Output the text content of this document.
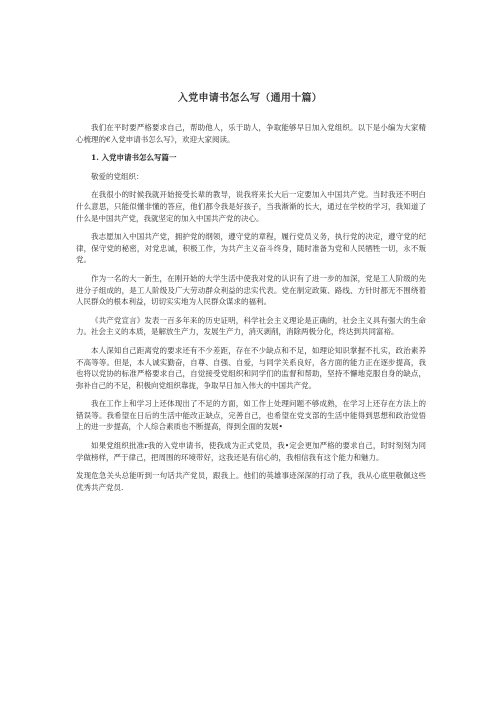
入党申请书怎么写（通用十篇）

我们在平时要严格要求自己，帮助他人，乐于助人，争取能够早日加入党组织。以下是小编为大家精心梳理的€入党申请书怎么写》，欢迎大家阅读。

1. 入党申请书怎么写篇一

敬爱的党组织：

在我很小的时候我就开始接受长辈的教导，说我将来长大后一定要加入中国共产党。当时我还不明白什么意思，只能似懂非懂的答应，他们都令我是好孩子，当我渐渐的长大，通过在学校的学习，我知道了什么是中国共产党，我就坚定的加入中国共产党的决心。

我志愿加入中国共产党，拥护党的纲领，遵守党的章程，履行党员义务，执行党的决定，遵守党的纪律，保守党的秘密，对党忠诚，积极工作，为共产主义奋斗终身，随时准备为党和人民牺牲一切，永不叛党。

作为一名的大一新生，在刚开始的大学生活中使我对党的认识有了进一步的加深，党是工人阶级的先进分子组成的，是工人阶级及广大劳动群众利益的忠实代表。党在制定政策、路线、方针时都无不围绕着人民群众的根本利益，切切实实地为人民群众谋求的福利。

《共产党宣言》发表一百多年来的历史证明，科学社会主义理论是正确的，社会主义具有强大的生命力。社会主义的本质，是解放生产力，发展生产力，消灭剥削，消除两极分化，终达到共同富裕。

本人深知自己距离党的要求还有不少差距，存在不少缺点和不足，如理论知识掌握不扎实，政治素养不高等等。但是，本人诚实勤奋，自尊、自强、自爱，与同学关系良好，各方面的能力正在逐步提高，我也将以党协的标准严格要求自己，自觉接受党组织和同学们的监督和帮助，坚持不懈地克服自身的缺点，弥补自己的不足，积极向党组织靠拢，争取早日加入伟大的中国共产党。

我在工作上和学习上还体现出了不足的方面，如工作上处理问题不够成熟，在学习上还存在方法上的错误等。我希望在日后的生活中能改正缺点，完善自己，也希望在党支部的生活中能得到思想和政治觉悟上的进一步提高，个人综合素质也不断提高，得到全面的发展•

如果党组织批准r我的入党申请书，使我成为正式党员，我•定会更加严格的要求自己，时时刻刻为同学做榜样，严于律己，把周围的环境带好，这我还是有信心的，我相信我有这个能力和魅力。

发现危急关头总能听到一句话共产党员，跟我上。他们的英雄事迹深深的打动了我，我从心底里敬佩这些优秀共产党员.
